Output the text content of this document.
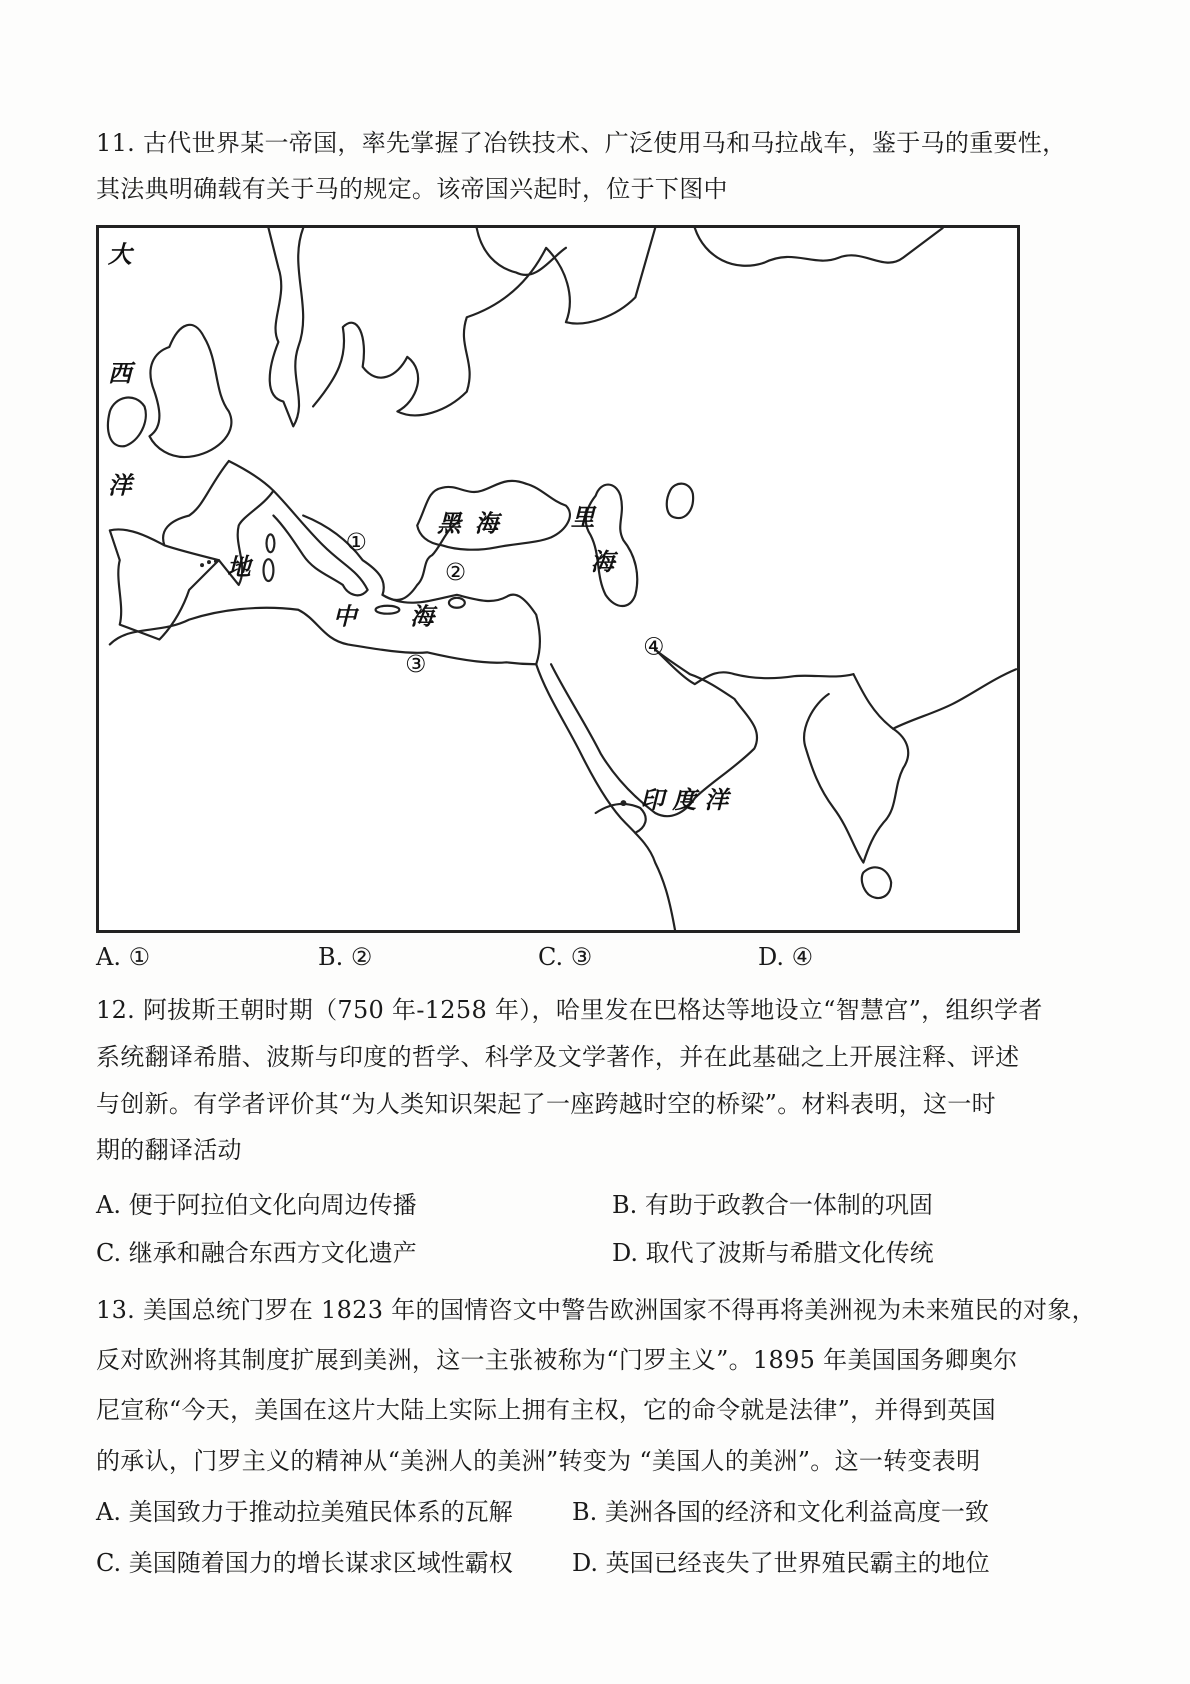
11. 古代世界某一帝国，率先掌握了冶铁技术、广泛使用马和马拉战车，鉴于马的重要性，
其法典明确载有关于马的规定。该帝国兴起时，位于下图中
大
西
洋
黑 海	里
海
地
中 海
印 度 洋
①
②
③
④
A. ①	B. ②	C. ③	D. ④
12. 阿拔斯王朝时期（750 年-1258 年），哈里发在巴格达等地设立“智慧宫”，组织学者
系统翻译希腊、波斯与印度的哲学、科学及文学著作，并在此基础之上开展注释、评述
与创新。有学者评价其“为人类知识架起了一座跨越时空的桥梁”。材料表明，这一时
期的翻译活动
A. 便于阿拉伯文化向周边传播	B. 有助于政教合一体制的巩固
C. 继承和融合东西方文化遗产	D. 取代了波斯与希腊文化传统
13. 美国总统门罗在 1823 年的国情咨文中警告欧洲国家不得再将美洲视为未来殖民的对象，
反对欧洲将其制度扩展到美洲，这一主张被称为“门罗主义”。1895 年美国国务卿奥尔
尼宣称“今天，美国在这片大陆上实际上拥有主权，它的命令就是法律”，并得到英国
的承认，门罗主义的精神从“美洲人的美洲”转变为 “美国人的美洲”。这一转变表明
A. 美国致力于推动拉美殖民体系的瓦解 B. 美洲各国的经济和文化利益高度一致
C. 美国随着国力的增长谋求区域性霸权 D. 英国已经丧失了世界殖民霸主的地位
